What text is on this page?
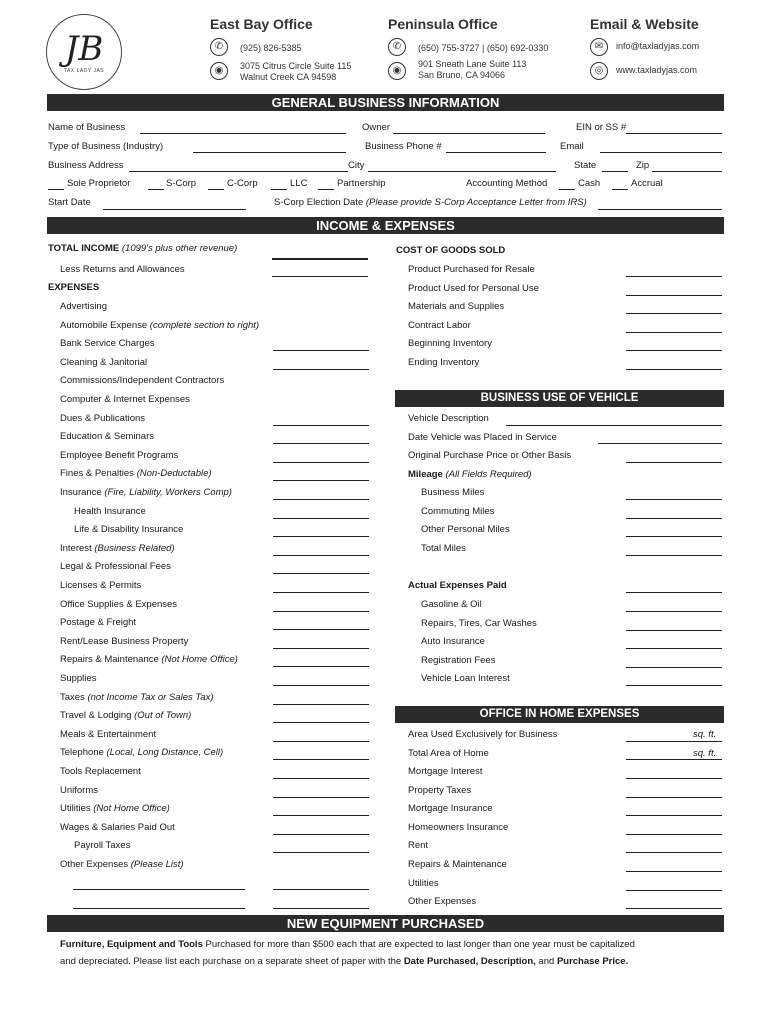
JB
TAX LADY JAS
East Bay Office
✆	(925) 826-5385
◉	3075 Citrus Circle Suite 115
Walnut Creek CA 94598
Peninsula Office
✆	(650) 755-3727 | (650) 692-0330
◉
901 Sneath Lane Suite 113
San Bruno, CA 94066
Email & Website
✉	info@taxladyjas.com
◎	www.taxladyjas.com
GENERAL BUSINESS INFORMATION
Name of Business	Owner	EIN or SS #
Type of Business (Industry)	Business Phone #	Email
Business Address	City	State	Zip
Sole Proprietor	S-Corp	C-Corp	LLC	Partnership	Accounting Method	Cash	Accrual
Start Date	S-Corp Election Date (Please provide S-Corp Acceptance Letter from IRS)
INCOME & EXPENSES
TOTAL INCOME (1099's plus other revenue)
Less Returns and Allowances
EXPENSES
Advertising
Automobile Expense (complete section to right)
Bank Service Charges
Cleaning & Janitorial
Commissions/Independent Contractors
Computer & Internet Expenses
Dues & Publications
Education & Seminars
Employee Benefit Programs
Fines & Penalties (Non-Deductable)
Insurance (Fire, Liability, Workers Comp)
Health Insurance
Life & Disability Insurance
Interest (Business Related)
Legal & Professional Fees
Licenses & Permits
Office Supplies & Expenses
Postage & Freight
Rent/Lease Business Property
Repairs & Maintenance (Not Home Office)
Supplies
Taxes (not Income Tax or Sales Tax)
Travel & Lodging (Out of Town)
Meals & Entertainment
Telephone (Local, Long Distance, Cell)
Tools Replacement
Uniforms
Utilities (Not Home Office)
Wages & Salaries Paid Out
Payroll Taxes
Other Expenses (Please List)
COST OF GOODS SOLD
Product Purchased for Resale
Product Used for Personal Use
Materials and Supplies
Contract Labor
Beginning Inventory
Ending Inventory
BUSINESS USE OF VEHICLE
Vehicle Description
Date Vehicle was Placed in Service
Original Purchase Price or Other Basis
Mileage (All Fields Required)
Business Miles
Commuting Miles
Other Personal Miles
Total Miles
Actual Expenses Paid
Gasoline & Oil
Repairs, Tires, Car Washes
Auto Insurance
Registration Fees
Vehicle Loan Interest
OFFICE IN HOME EXPENSES
Area Used Exclusively for Business	sq. ft.
Total Area of Home	sq. ft.
Mortgage Interest
Property Taxes
Mortgage Insurance
Homeowners Insurance
Rent
Repairs & Maintenance
Utilities
Other Expenses
NEW EQUIPMENT PURCHASED
Furniture, Equipment and Tools Purchased for more than $500 each that are expected to last longer than one year must be capitalized
and depreciated. Please list each purchase on a separate sheet of paper with the Date Purchased, Description, and Purchase Price.
